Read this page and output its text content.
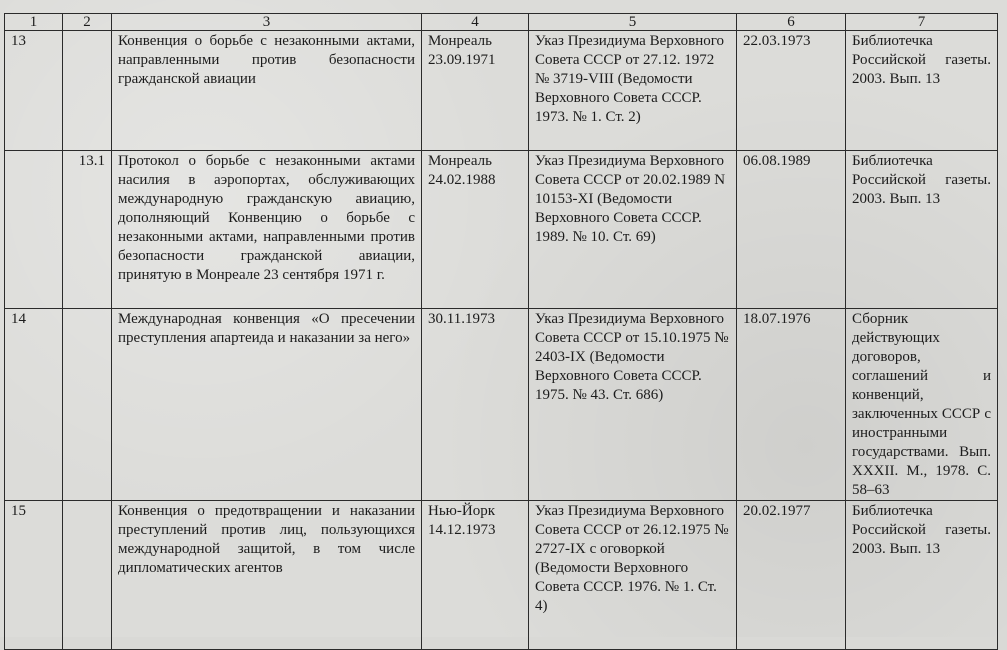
1	2	3	4	5	6	7
13		Конвенция о борьбе с незаконными актами, направленными против безопасности гражданской авиации	Монреаль 23.09.1971	Указ Президиума Верховного Совета СССР от 27.12. 1972 № 3719-VIII (Ведомости Верховного Совета СССР. 1973. № 1. Ст. 2)	22.03.1973	Библиотечка Российской газеты. 2003. Вып. 13
	13.1	Протокол о борьбе с незаконными актами насилия в аэропортах, обслуживающих международную гражданскую авиацию, дополняющий Конвенцию о борьбе с незаконными актами, направленными против безопасности гражданской авиации, принятую в Монреале 23 сентября 1971 г.	Монреаль 24.02.1988	Указ Президиума Верховного Совета СССР от 20.02.1989 N 10153-XI (Ведомости Верховного Совета СССР. 1989. № 10. Ст. 69)	06.08.1989	Библиотечка Российской газеты. 2003. Вып. 13
14		Международная конвенция «О пресечении преступления апартеида и наказании за него»	30.11.1973	Указ Президиума Верховного Совета СССР от 15.10.1975 № 2403-IX (Ведомости Верховного Совета СССР. 1975. № 43. Ст. 686)	18.07.1976	Сборник действующих договоров, соглашений и конвенций, заключенных СССР с иностранными государствами. Вып. XXXII. М., 1978. С. 58–63
15		Конвенция о предотвращении и наказании преступлений против лиц, пользующихся международной защитой, в том числе дипломатических агентов	Нью-Йорк 14.12.1973	Указ Президиума Верховного Совета СССР от 26.12.1975 № 2727-IX с оговоркой (Ведомости Верховного Совета СССР. 1976. № 1. Ст. 4)	20.02.1977	Библиотечка Российской газеты. 2003. Вып. 13
